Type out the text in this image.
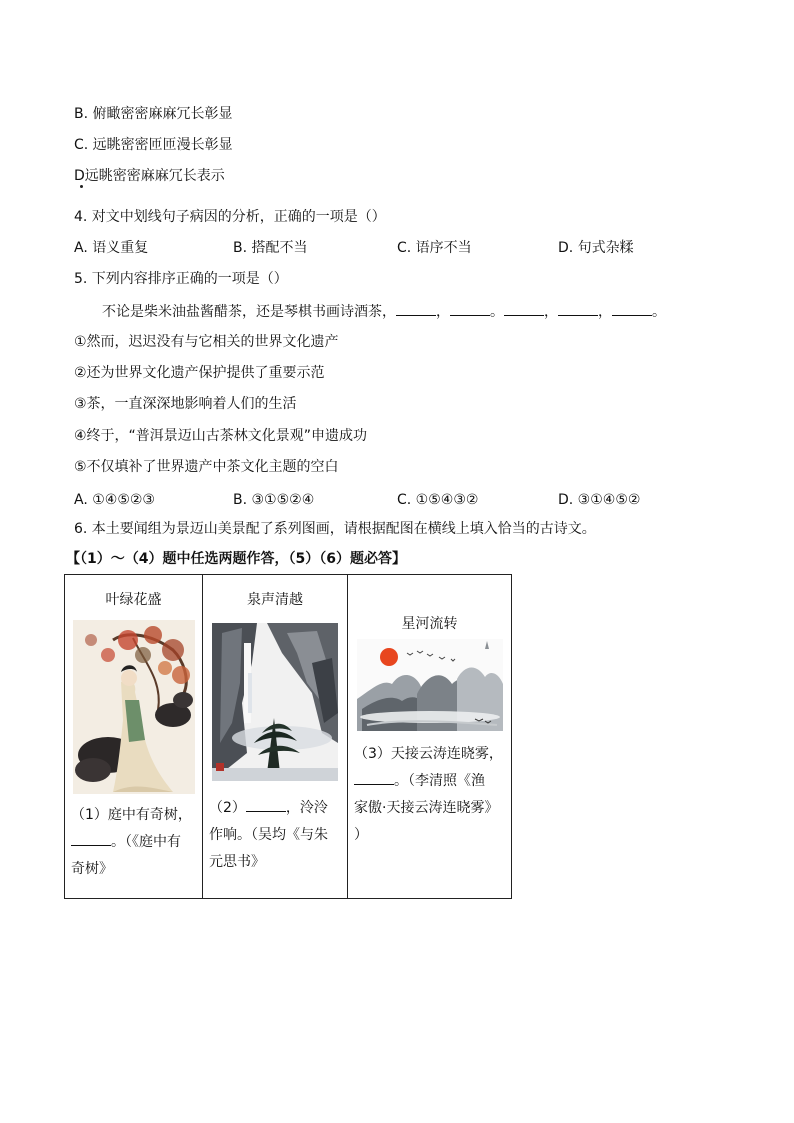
B. 俯瞰密密麻麻冗长彰显
C. 远眺密密匝匝漫长彰显
D远眺密密麻麻冗长表示
4. 对文中划线句子病因的分析，正确的一项是（）
A. 语义重复	B. 搭配不当	C. 语序不当	D. 句式杂糅
5. 下列内容排序正确的一项是（）
不论是柴米油盐酱醋茶，还是琴棋书画诗酒茶，	，	。	，	，	。
①然而，迟迟没有与它相关的世界文化遗产
②还为世界文化遗产保护提供了重要示范
③茶，一直深深地影响着人们的生活
④终于，“普洱景迈山古茶林文化景观”申遗成功
⑤不仅填补了世界遗产中茶文化主题的空白
A. ①④⑤②③	B. ③①⑤②④	C. ①⑤④③②	D. ③①④⑤②
6. 本土要闻组为景迈山美景配了系列图画，请根据配图在横线上填入恰当的古诗文。
【（1）～（4）题中任选两题作答，（5）（6）题必答】
叶绿花盛
（1）庭中有奇树，
。（《庭中有
奇树》

泉声清越
（2）	，泠泠
作响。（吴均《与朱
元思书》

星河流转
（3）天接云涛连晓雾，
。（李清照《渔
家傲·天接云涛连晓雾》
）
